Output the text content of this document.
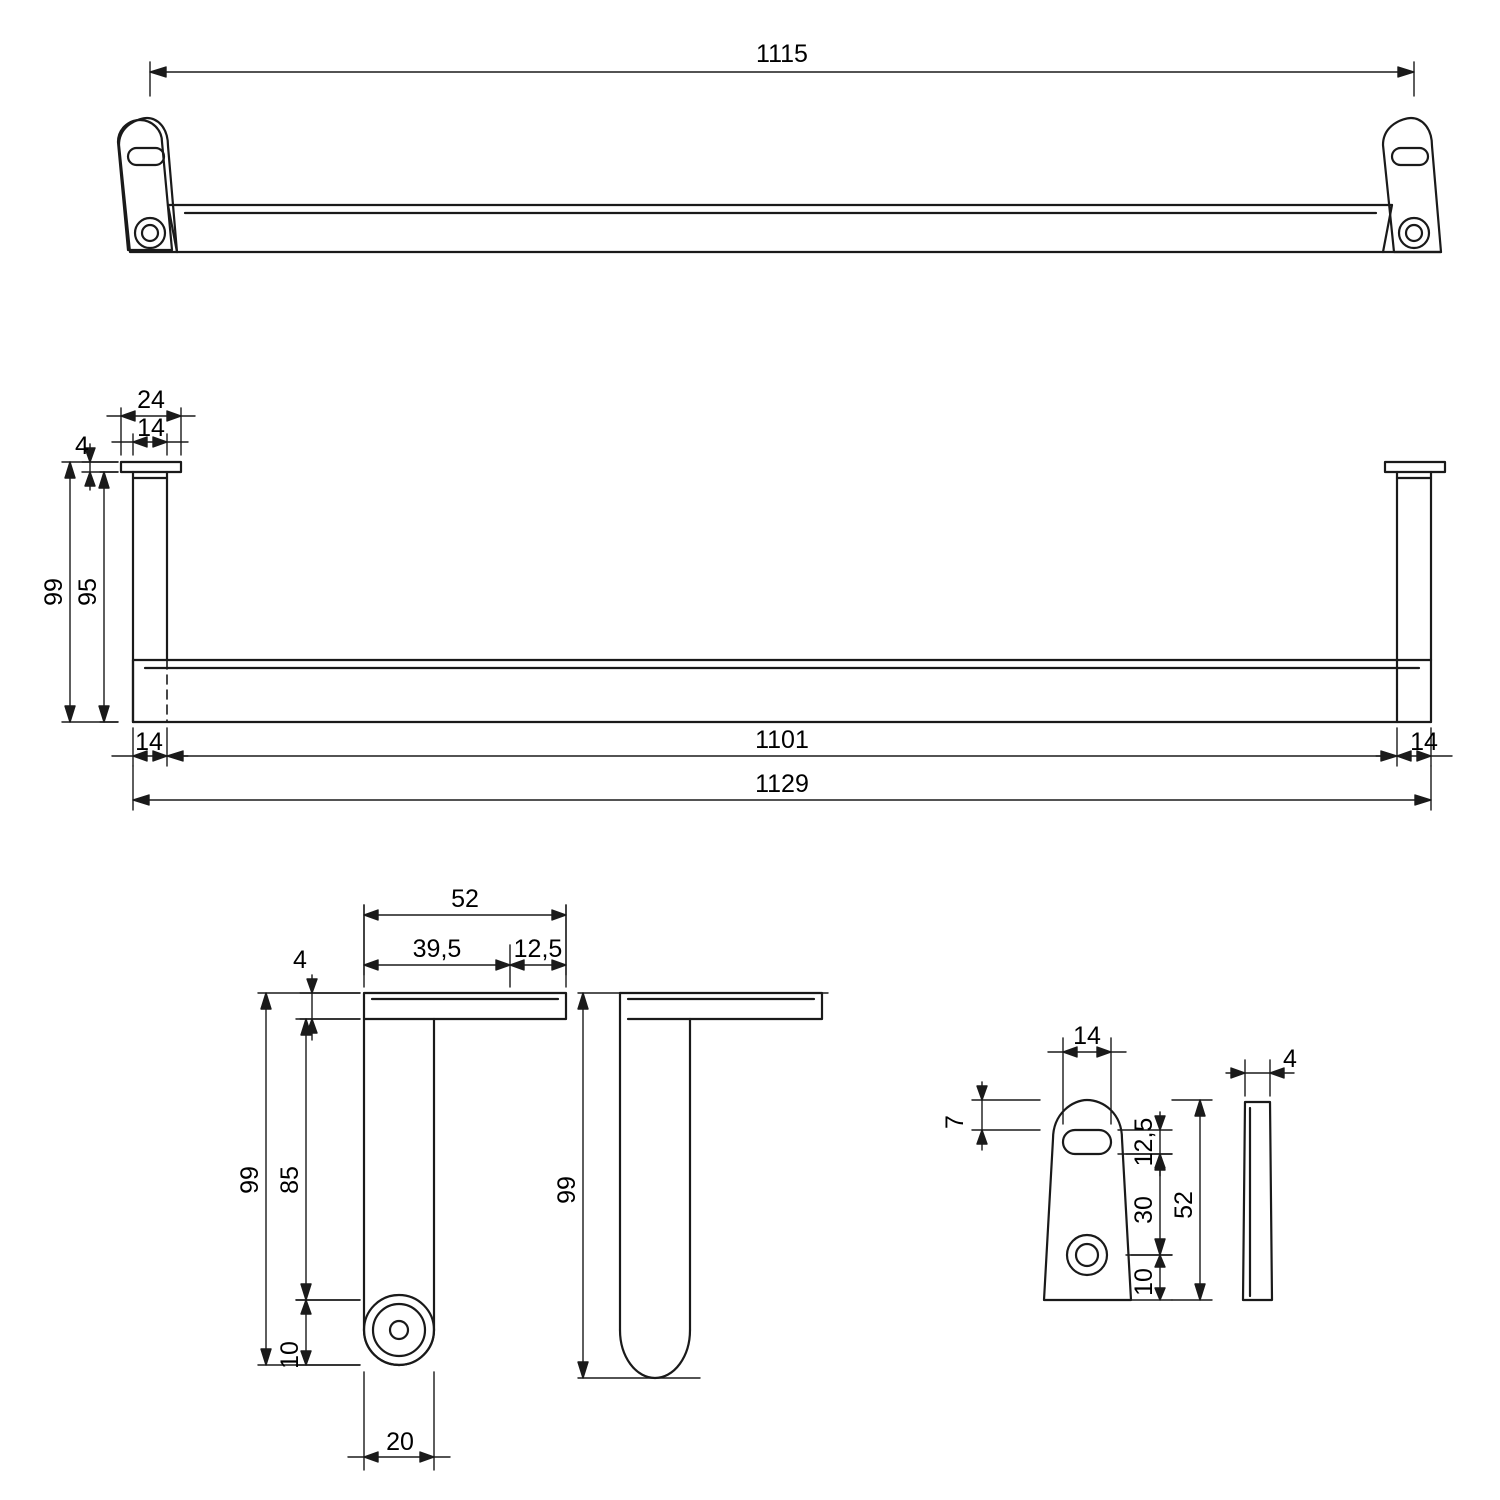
1115
24
14
4
99 95
14	14
1101
1129
52
39,5 12,5
4
99 85
10
20
99
14
4
7	12,5
30
10
52
